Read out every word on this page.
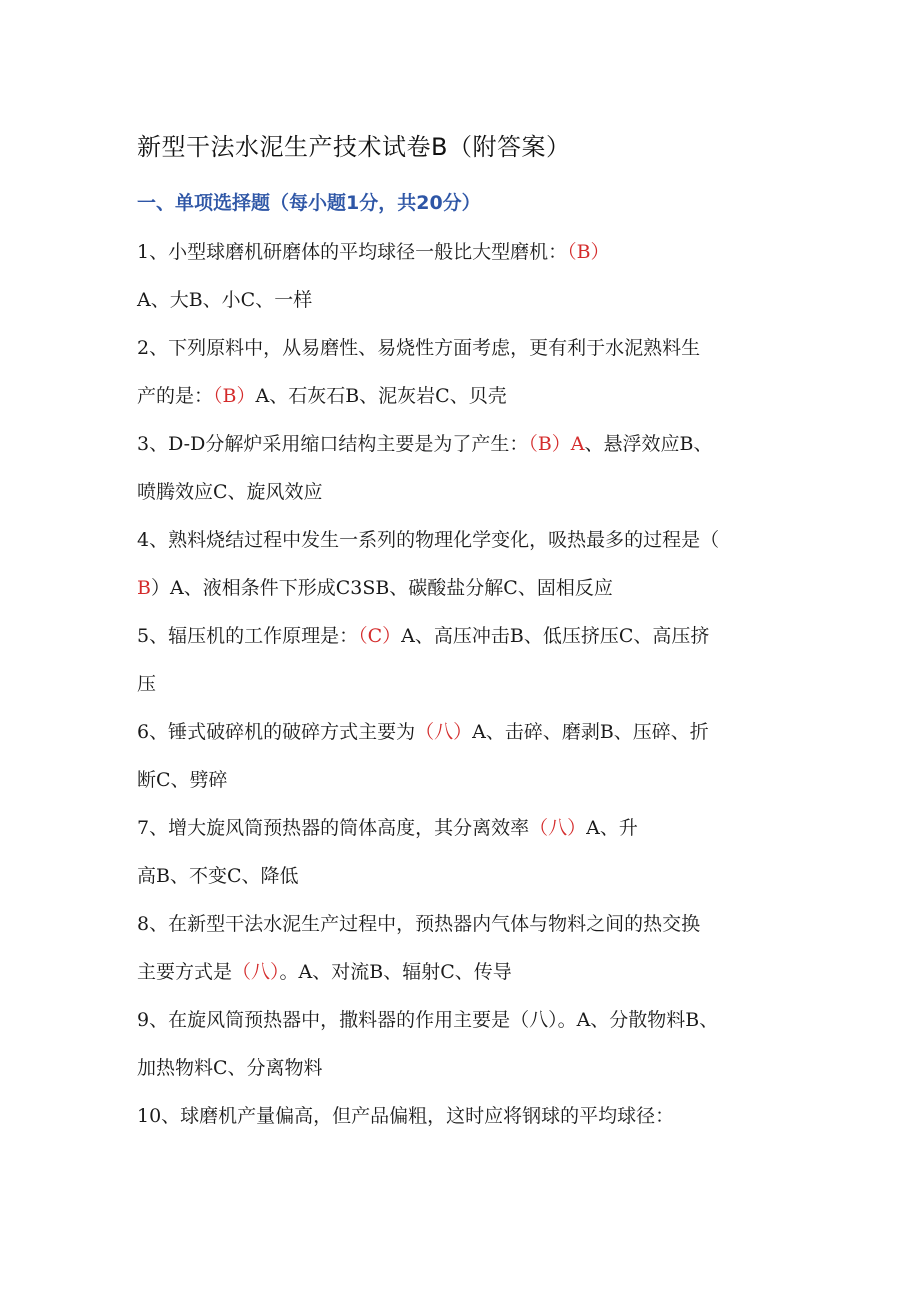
新型干法水泥生产技术试卷B（附答案）
一、单项选择题（每小题1分，共20分）
1、小型球磨机研磨体的平均球径一般比大型磨机：（B）
A、大B、小C、一样
2、下列原料中，从易磨性、易烧性方面考虑，更有利于水泥熟料生
产的是：（B）A、石灰石B、泥灰岩C、贝壳
3、D-D分解炉采用缩口结构主要是为了产生：（B）A、悬浮效应B、
喷腾效应C、旋风效应
4、熟料烧结过程中发生一系列的物理化学变化，吸热最多的过程是（
B）A、液相条件下形成C3SB、碳酸盐分解C、固相反应
5、辐压机的工作原理是：（C）A、高压冲击B、低压挤压C、高压挤
压
6、锤式破碎机的破碎方式主要为（八）A、击碎、磨剥B、压碎、折
断C、劈碎
7、增大旋风筒预热器的筒体高度，其分离效率（八）A、升
高B、不变C、降低
8、在新型干法水泥生产过程中，预热器内气体与物料之间的热交换
主要方式是（八）。A、对流B、辐射C、传导
9、在旋风筒预热器中，撒料器的作用主要是（八）。A、分散物料B、
加热物料C、分离物料
10、球磨机产量偏高，但产品偏粗，这时应将钢球的平均球径：
